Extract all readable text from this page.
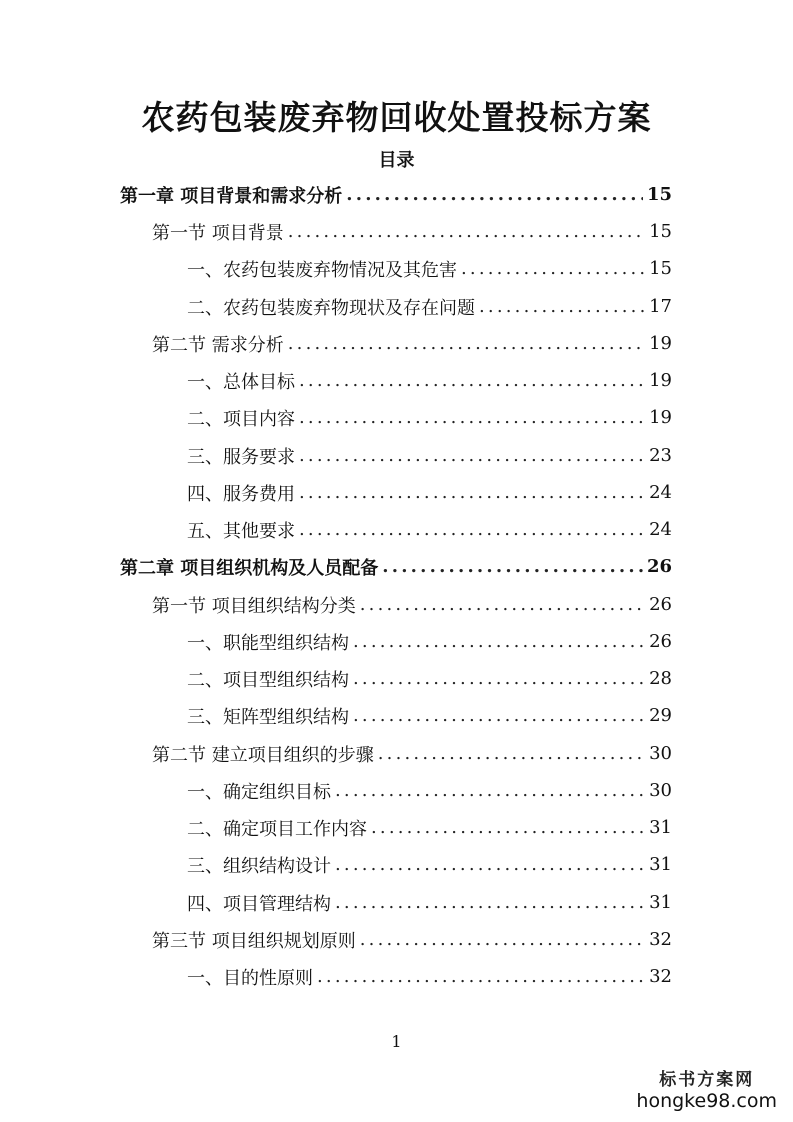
农药包装废弃物回收处置投标方案
目录
第一章 项目背景和需求分析 .....	15
第一节 项目背景 .....	15
一、农药包装废弃物情况及其危害 .....	15
二、农药包装废弃物现状及存在问题 .....	17
第二节 需求分析 .....	19
一、总体目标 .....	19
二、项目内容 .....	19
三、服务要求 .....	23
四、服务费用 .....	24
五、其他要求 .....	24
第二章 项目组织机构及人员配备 .....	26
第一节 项目组织结构分类 .....	26
一、职能型组织结构 .....	26
二、项目型组织结构 .....	28
三、矩阵型组织结构 .....	29
第二节 建立项目组织的步骤 .....	30
一、确定组织目标 .....	30
二、确定项目工作内容 .....	31
三、组织结构设计 .....	31
四、项目管理结构 .....	31
第三节 项目组织规划原则 .....	32
一、目的性原则 .....	32
1
标书方案网
hongke98.com
